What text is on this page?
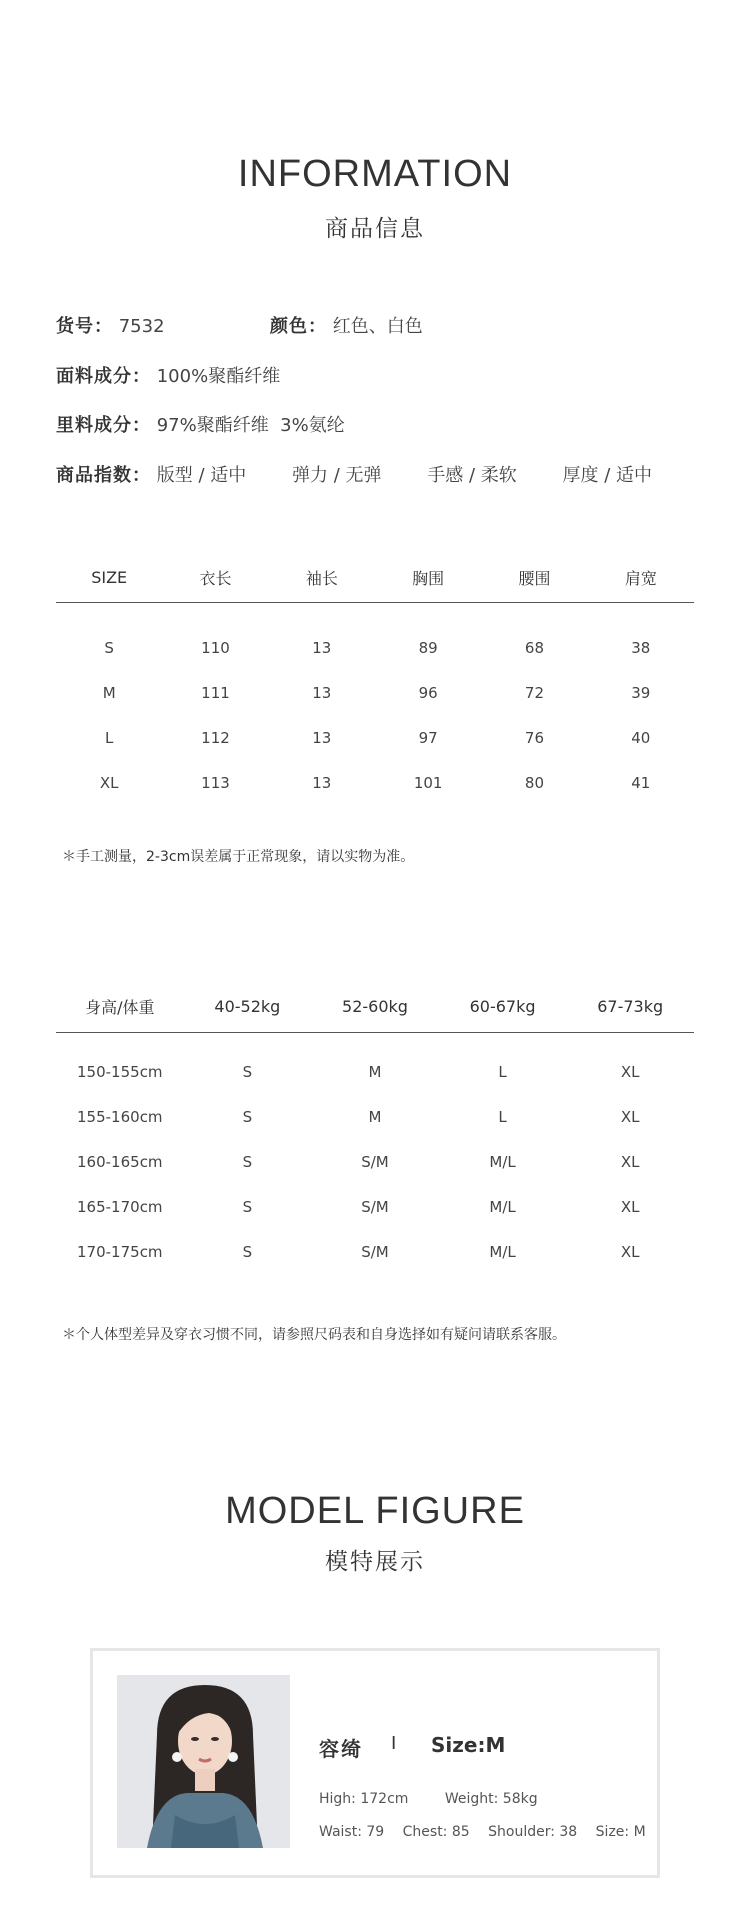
INFORMATION
商品信息
货号： 7532	颜色： 红色、白色
面料成分： 100%聚酯纤维
里料成分： 97%聚酯纤维  3%氨纶
商品指数： 版型 / 适中	弹力 / 无弹	手感 / 柔软	厚度 / 适中
SIZE	衣长	袖长	胸围	腰围	肩宽
S	110	13	89	68	38
M	111	13	96	72	39
L	112	13	97	76	40
XL	113	13	101	80	41
＊手工测量，2-3cm误差属于正常现象，请以实物为准。
身高/体重	40-52kg	52-60kg	60-67kg	67-73kg
150-155cm	S	M	L	XL
155-160cm	S	M	L	XL
160-165cm	S	S/M	M/L	XL
165-170cm	S	S/M	M/L	XL
170-175cm	S	S/M	M/L	XL
＊个人体型差异及穿衣习惯不同，请参照尺码表和自身选择如有疑问请联系客服。
MODEL FIGURE
模特展示
容绮 I Size:M
High: 172cm	Weight: 58kg
Waist: 79 Chest: 85 Shoulder: 38 Size: M
